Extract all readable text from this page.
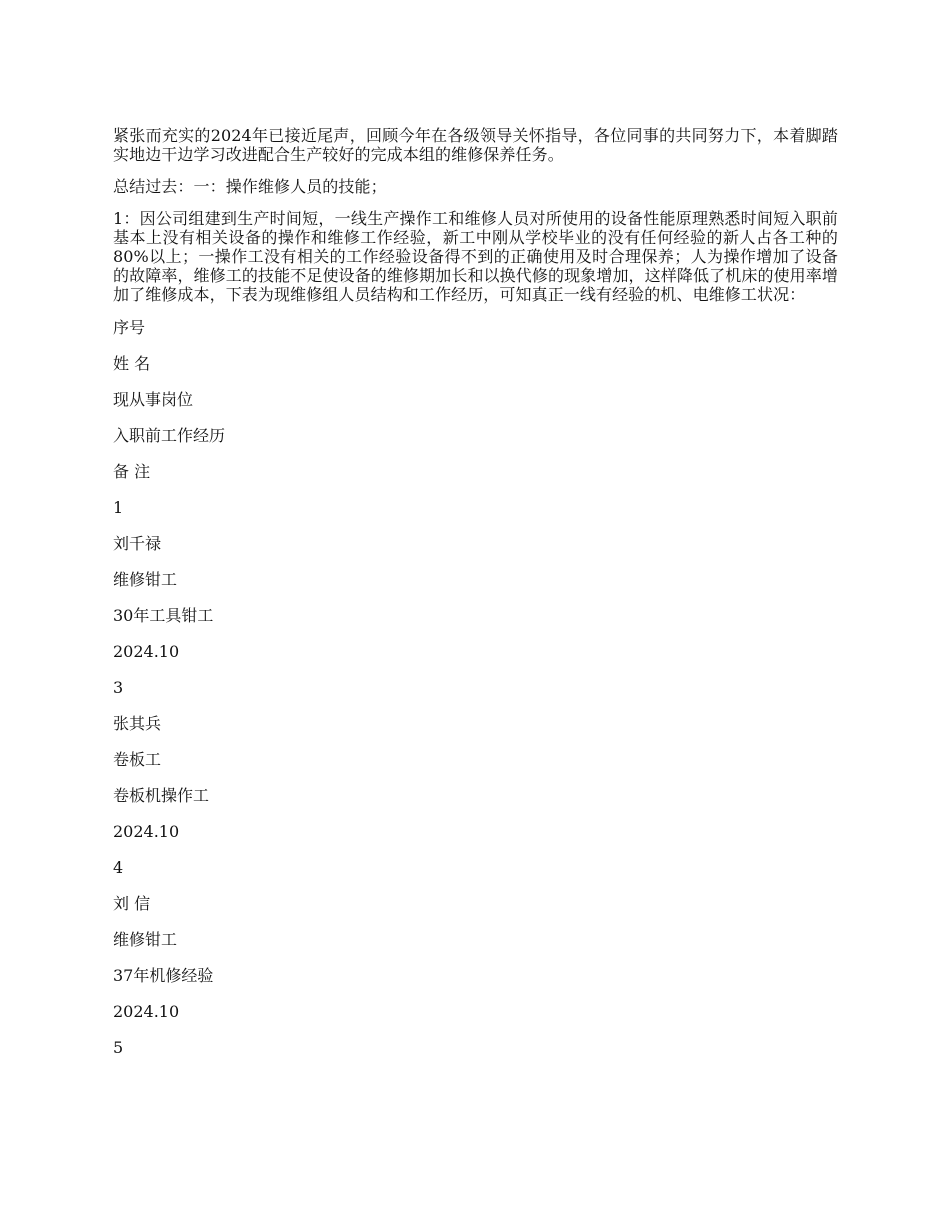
紧张而充实的2024年已接近尾声，回顾今年在各级领导关怀指导，各位同事的共同努力下，本着脚踏实地边干边学习改进配合生产较好的完成本组的维修保养任务。

总结过去：一：操作维修人员的技能；

1：因公司组建到生产时间短，一线生产操作工和维修人员对所使用的设备性能原理熟悉时间短入职前基本上没有相关设备的操作和维修工作经验，新工中刚从学校毕业的没有任何经验的新人占各工种的80%以上；一操作工没有相关的工作经验设备得不到的正确使用及时合理保养；人为操作增加了设备的故障率，维修工的技能不足使设备的维修期加长和以换代修的现象增加，这样降低了机床的使用率增加了维修成本，下表为现维修组人员结构和工作经历，可知真正一线有经验的机、电维修工状况：

序号
姓 名
现从事岗位
入职前工作经历
备 注
1
刘千禄
维修钳工
30年工具钳工
2024.10
3
张其兵
卷板工
卷板机操作工
2024.10
4
刘 信
维修钳工
37年机修经验
2024.10
5
